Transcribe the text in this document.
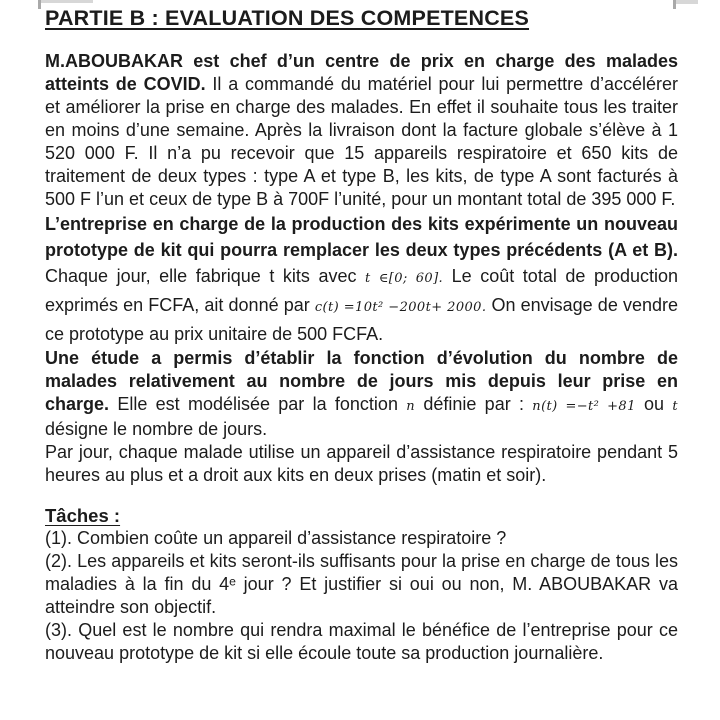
PARTIE B : EVALUATION DES COMPETENCES

M.ABOUBAKAR est chef d’un centre de prix en charge des malades atteints de COVID. Il a commandé du matériel pour lui permettre d’accélérer et améliorer la prise en charge des malades. En effet il souhaite tous les traiter en moins d’une semaine. Après la livraison dont la facture globale s’élève à 1 520 000 F. Il n’a pu recevoir que 15 appareils respiratoire et 650 kits de traitement de deux types : type A et type B, les kits, de type A sont facturés à 500 F l’un et ceux de type B à 700F l’unité, pour un montant total de 395 000 F.

L’entreprise en charge de la production des kits expérimente un nouveau prototype de kit qui pourra remplacer les deux types précédents (A et B). Chaque jour, elle fabrique t kits avec t ∈[0; 60]. Le coût total de production exprimés en FCFA, ait donné par c(t) =10t² −200t+ 2000. On envisage de vendre ce prototype au prix unitaire de 500 FCFA.

Une étude a permis d’établir la fonction d’évolution du nombre de malades relativement au nombre de jours mis depuis leur prise en charge. Elle est modélisée par la fonction n définie par : n(t) =−t² +81 ou t désigne le nombre de jours.

Par jour, chaque malade utilise un appareil d’assistance respiratoire pendant 5 heures au plus et a droit aux kits en deux prises (matin et soir).

Tâches :

(1). Combien coûte un appareil d’assistance respiratoire ?

(2). Les appareils et kits seront-ils suffisants pour la prise en charge de tous les maladies à la fin du 4ᵉ jour ? Et justifier si oui ou non, M. ABOUBAKAR va atteindre son objectif.

(3). Quel est le nombre qui rendra maximal le bénéfice de l’entreprise pour ce nouveau prototype de kit si elle écoule toute sa production journalière.
